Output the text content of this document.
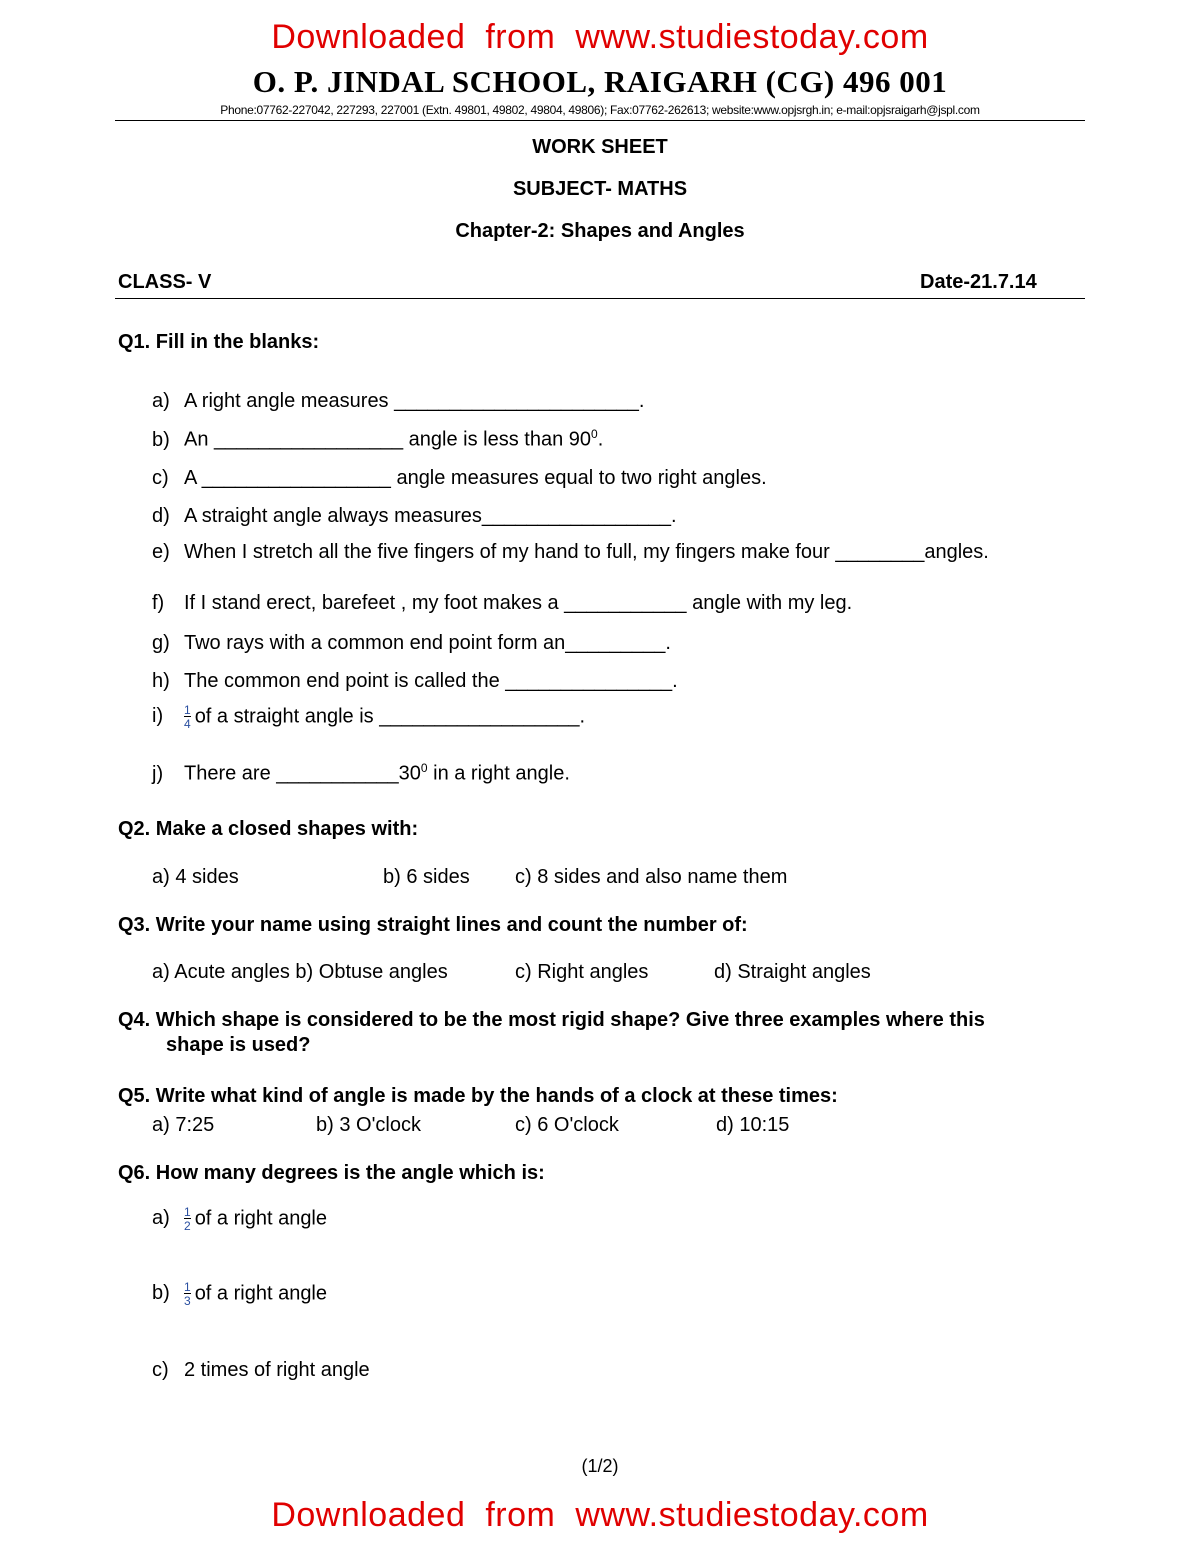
Downloaded from www.studiestoday.com
O. P. JINDAL SCHOOL, RAIGARH (CG) 496 001
Phone:07762-227042, 227293, 227001 (Extn. 49801, 49802, 49804, 49806); Fax:07762-262613; website:www.opjsrgh.in; e-mail:opjsraigarh@jspl.com
WORK SHEET
SUBJECT- MATHS
Chapter-2: Shapes and Angles
CLASS- V	Date-21.7.14
Q1. Fill in the blanks:
a) A right angle measures ______________________.
b) An _________________ angle is less than $90^0$.
c) A _________________ angle measures equal to two right angles.
d) A straight angle always measures_________________.
e) When I stretch all the five fingers of my hand to full, my fingers make four ________angles.
f) If I stand erect, barefeet , my foot makes a ___________ angle with my leg.
g) Two rays with a common end point form an_________.
h) The common end point is called the _______________.
$i) \frac{1}{4}$ of a straight angle is __________________.
j) There are $\_\_\_\_\_\_\_\_\_\_\_30^0$ in a right angle.
Q2. Make a closed shapes with:
a) 4 sides	b) 6 sides c) 8 sides and also name them
Q3. Write your name using straight lines and count the number of:
a) Acute angles b) Obtuse angles	c) Right angles	d) Straight angles
Q4. Which shape is considered to be the most rigid shape? Give three examples where this
shape is used?
Q5. Write what kind of angle is made by the hands of a clock at these times:
a) 7:25	b) 3 O'clock	c) 6 O'clock	d) 10:15
Q6. How many degrees is the angle which is:
$a) \frac{1}{2}$ of a right angle
$b) \frac{1}{3}$ of a right angle
c) 2 times of right angle
(1/2)
Downloaded from www.studiestoday.com
